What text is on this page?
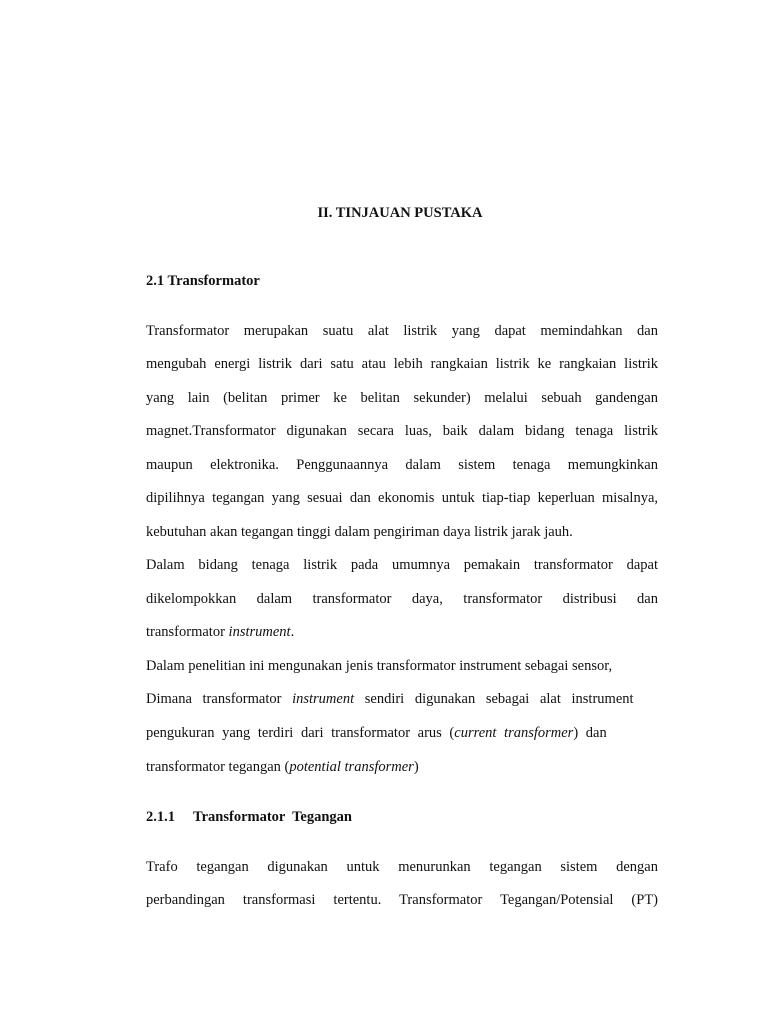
II. TINJAUAN PUSTAKA
2.1 Transformator
Transformator merupakan suatu alat listrik yang dapat memindahkan dan
mengubah energi listrik dari satu atau lebih rangkaian listrik ke rangkaian listrik
yang lain (belitan primer ke belitan sekunder) melalui sebuah gandengan
magnet.Transformator digunakan secara luas, baik dalam bidang tenaga listrik
maupun elektronika. Penggunaannya dalam sistem tenaga memungkinkan
dipilihnya tegangan yang sesuai dan ekonomis untuk tiap-tiap keperluan misalnya,
kebutuhan akan tegangan tinggi dalam pengiriman daya listrik jarak jauh.
Dalam bidang tenaga listrik pada umumnya pemakain transformator dapat
dikelompokkan dalam transformator daya, transformator distribusi dan
transformator instrument.
Dalam penelitian ini mengunakan jenis transformator instrument sebagai sensor,
Dimana transformator instrument sendiri digunakan sebagai alat instrument
pengukuran yang terdiri dari transformator arus (current transformer) dan
transformator tegangan (potential transformer)
2.1.1 Transformator  Tegangan
Trafo tegangan digunakan untuk menurunkan tegangan sistem dengan
perbandingan transformasi tertentu. Transformator Tegangan/Potensial (PT)
